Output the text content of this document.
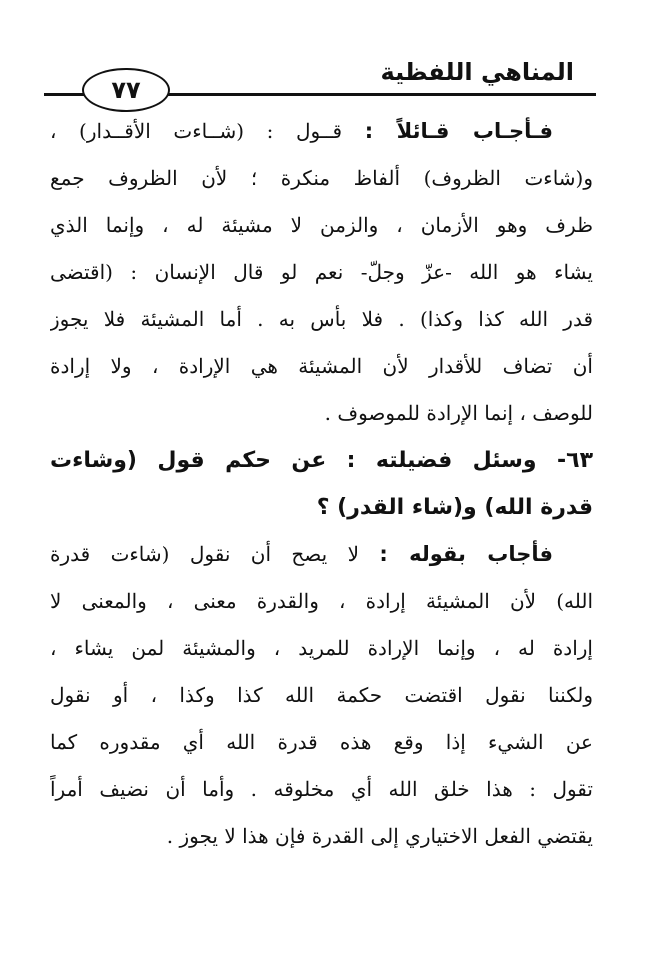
المناهي اللفظية
٧٧
فـأجـاب قـائلاً : قــول : (شــاءت الأقــدار) ،
و(شاءت الظروف) ألفاظ منكرة ؛ لأن الظروف جمع
ظرف وهو الأزمان ، والزمن لا مشيئة له ، وإنما الذي
يشاء هو الله -عزّ وجلّ- نعم لو قال الإنسان : (اقتضى
قدر الله كذا وكذا) . فلا بأس به . أما المشيئة فلا يجوز
أن تضاف للأقدار لأن المشيئة هي الإرادة ، ولا إرادة
للوصف ، إنما الإرادة للموصوف .
٦٣- وسئل فضيلته : عن حكم قول (وشاءت
قدرة الله) و(شاء القدر) ؟
فأجاب بقوله : لا يصح أن نقول (شاءت قدرة
الله) لأن المشيئة إرادة ، والقدرة معنى ، والمعنى لا
إرادة له ، وإنما الإرادة للمريد ، والمشيئة لمن يشاء ،
ولكننا نقول اقتضت حكمة الله كذا وكذا ، أو نقول
عن الشيء إذا وقع هذه قدرة الله أي مقدوره كما
تقول : هذا خلق الله أي مخلوقه . وأما أن نضيف أمراً
يقتضي الفعل الاختياري إلى القدرة فإن هذا لا يجوز .
